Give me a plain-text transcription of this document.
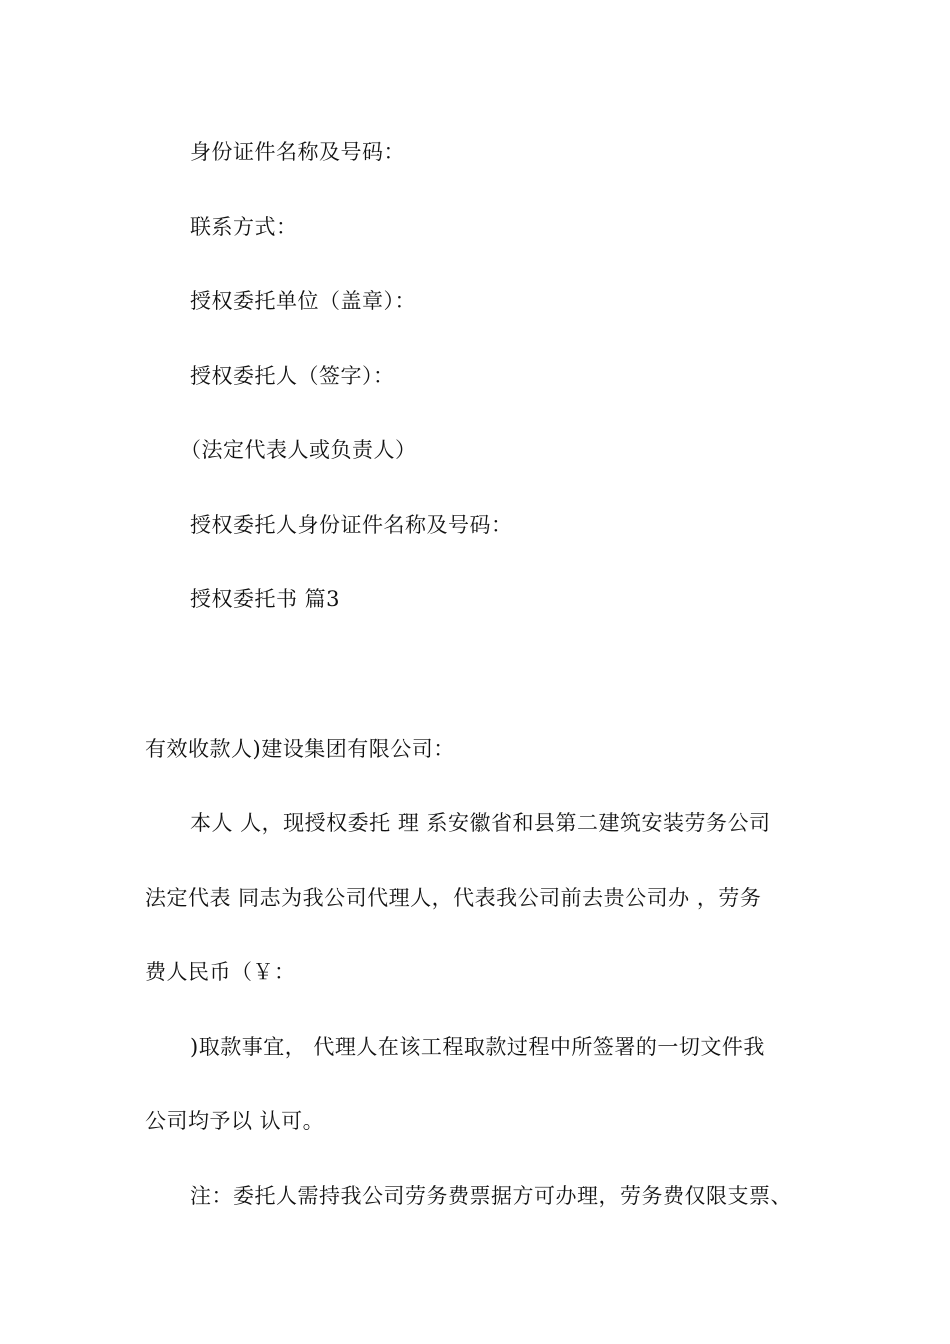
身份证件名称及号码：
联系方式：
授权委托单位（盖章）：
授权委托人（签字）：
（法定代表人或负责人）
授权委托人身份证件名称及号码：
授权委托书 篇3
有效收款人)建设集团有限公司：
本人 人，现授权委托 理 系安徽省和县第二建筑安装劳务公司
法定代表 同志为我公司代理人，代表我公司前去贵公司办 ，劳务
费人民币（￥：
)取款事宜， 代理人在该工程取款过程中所签署的一切文件我
公司均予以 认可。
注：委托人需持我公司劳务费票据方可办理，劳务费仅限支票、
